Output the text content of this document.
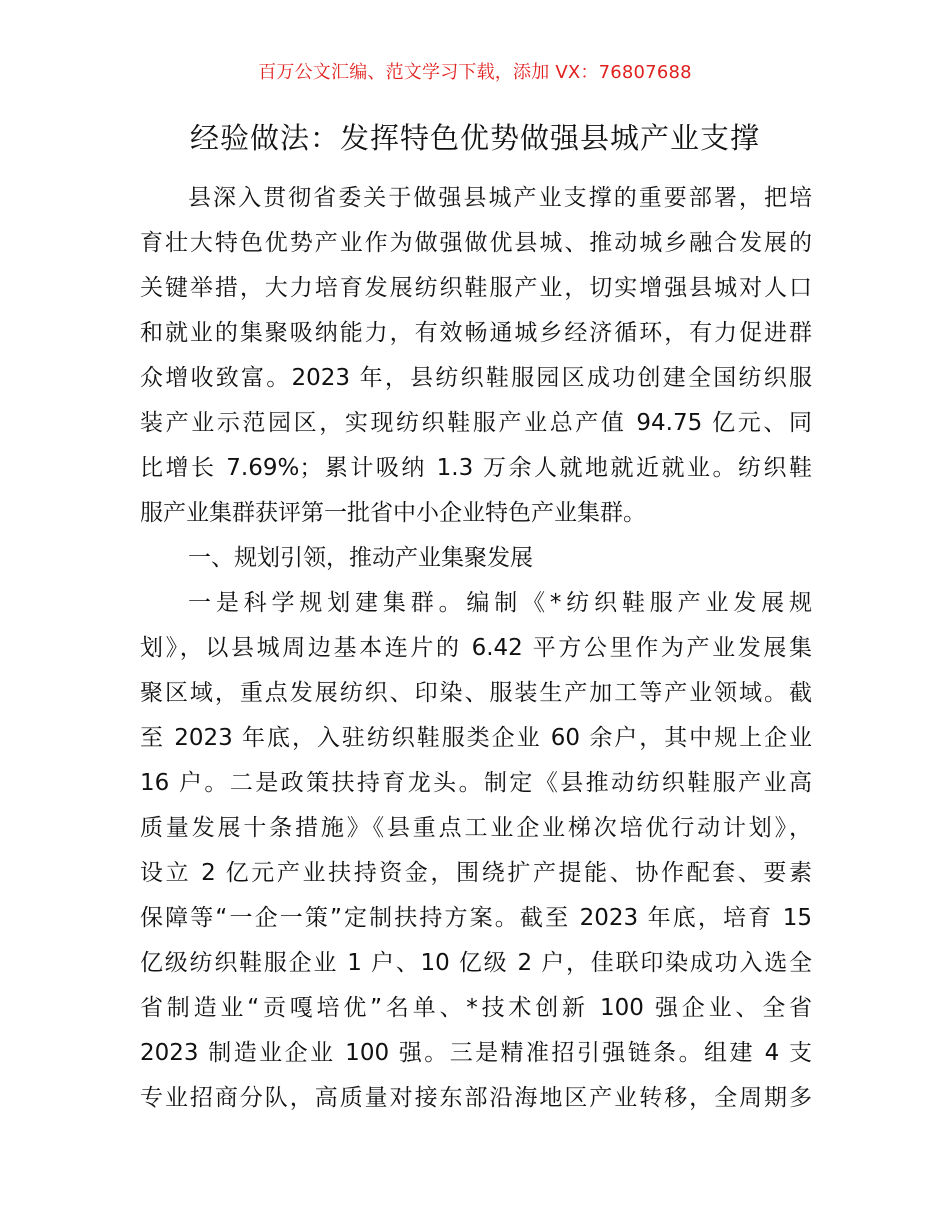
百万公文汇编、范文学习下载，添加 VX：76807688
经验做法：发挥特色优势做强县城产业支撑
县深入贯彻省委关于做强县城产业支撑的重要部署，把培
育壮大特色优势产业作为做强做优县城、推动城乡融合发展的
关键举措，大力培育发展纺织鞋服产业，切实增强县城对人口
和就业的集聚吸纳能力，有效畅通城乡经济循环，有力促进群
众增收致富。2023 年，县纺织鞋服园区成功创建全国纺织服
装产业示范园区，实现纺织鞋服产业总产值 94.75 亿元、同
比增长 7.69%；累计吸纳 1.3 万余人就地就近就业。纺织鞋
服产业集群获评第一批省中小企业特色产业集群。
一、规划引领，推动产业集聚发展
一是科学规划建集群。编制《*纺织鞋服产业发展规
划》，以县城周边基本连片的 6.42 平方公里作为产业发展集
聚区域，重点发展纺织、印染、服装生产加工等产业领域。截
至 2023 年底，入驻纺织鞋服类企业 60 余户，其中规上企业
16 户。二是政策扶持育龙头。制定《县推动纺织鞋服产业高
质量发展十条措施》《县重点工业企业梯次培优行动计划》，
设立 2 亿元产业扶持资金，围绕扩产提能、协作配套、要素
保障等“一企一策”定制扶持方案。截至 2023 年底，培育 15
亿级纺织鞋服企业 1 户、10 亿级 2 户，佳联印染成功入选全
省制造业“贡嘎培优”名单、*技术创新 100 强企业、全省
2023 制造业企业 100 强。三是精准招引强链条。组建 4 支
专业招商分队，高质量对接东部沿海地区产业转移，全周期多
